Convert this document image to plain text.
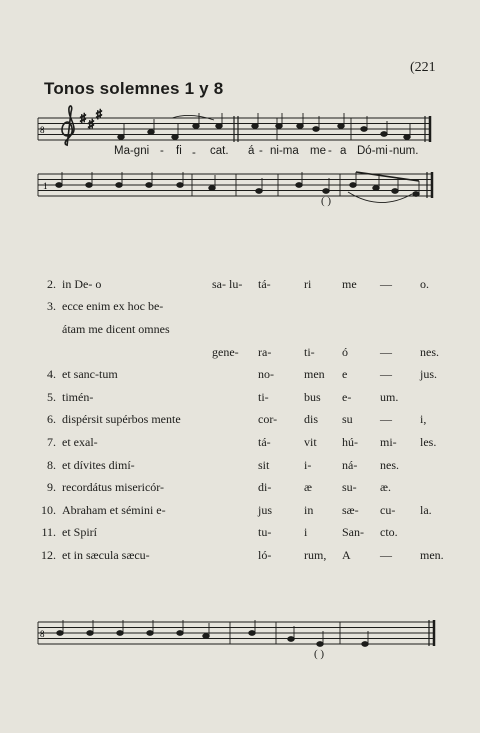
(221
Tonos solemnes 1 y 8
8
♯ ♯
♯
1
8
Ma-gni - fi - cat. á - ni-ma me - a Dó-mi -num.
( )
( )
2.	in De- o	sa- lu-	tá-	ri	me	—	o.
3.	ecce enim ex hoc be-						
	átam me dicent omnes						
		gene-	ra-	ti-	ó	—	nes.
4.	et sanc-tum		no-	men	e	—	jus.
5.	timén-		ti-	bus	e-	um.	
6.	dispérsit supérbos mente		cor-	dis	su	—	i,
7.	et exal-		tá-	vit	hú-	mi-	les.
8.	et dívites dimí-		sit	i-	ná-	nes.	
9.	recordátus misericór-		di-	æ	su-	æ.	
10.	Abraham et sémini e-		jus	in	sæ-	cu-	la.
11.	et Spirí		tu-	i	San-	cto.	
12.	et in sæcula sæcu-		ló-	rum,	A	—	men.
